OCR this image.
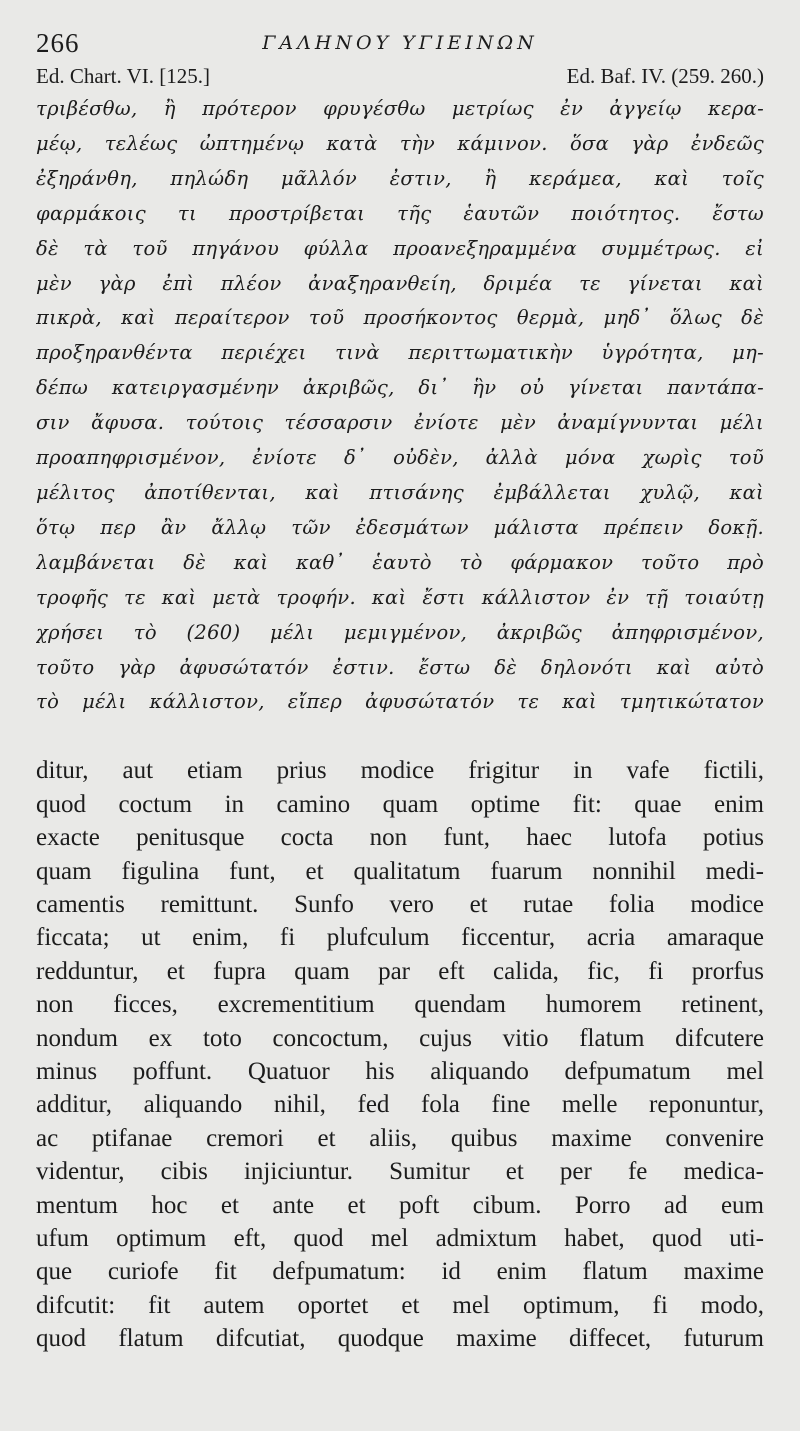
266	ΓΑΛΗΝΟΥ ΥΓΙΕΙΝΩΝ
Ed. Chart. VI. [125.]	Ed. Baf. IV. (259. 260.)
τριβέσθω, ἢ πρότερον φρυγέσθω μετρίως ἐν ἀγγείῳ κερα-
μέῳ, τελέως ὠπτημένῳ κατὰ τὴν κάμινον. ὅσα γὰρ ἐνδεῶς
ἐξηράνθη, πηλώδη μᾶλλόν ἐστιν, ἢ κεράμεα, καὶ τοῖς
φαρμάκοις τι προστρίβεται τῆς ἑαυτῶν ποιότητος. ἔστω
δὲ τὰ τοῦ πηγάνου φύλλα προανεξηραμμένα συμμέτρως. εἰ
μὲν γὰρ ἐπὶ πλέον ἀναξηρανθείη, δριμέα τε γίνεται καὶ
πικρὰ, καὶ περαίτερον τοῦ προσήκοντος θερμὰ, μηδ᾽ ὅλως δὲ
προξηρανθέντα περιέχει τινὰ περιττωματικὴν ὑγρότητα, μη-
δέπω κατειργασμένην ἀκριβῶς, δι᾽ ἣν οὐ γίνεται παντάπα-
σιν ἄφυσα. τούτοις τέσσαρσιν ἐνίοτε μὲν ἀναμίγνυνται μέλι
προαπηφρισμένον, ἐνίοτε δ᾽ οὐδὲν, ἀλλὰ μόνα χωρὶς τοῦ
μέλιτος ἀποτίθενται, καὶ πτισάνης ἐμβάλλεται χυλῷ, καὶ
ὅτῳ περ ἂν ἄλλῳ τῶν ἐδεσμάτων μάλιστα πρέπειν δοκῇ.
λαμβάνεται δὲ καὶ καθ᾽ ἑαυτὸ τὸ φάρμακον τοῦτο πρὸ
τροφῆς τε καὶ μετὰ τροφήν. καὶ ἔστι κάλλιστον ἐν τῇ τοιαύτῃ
χρήσει τὸ (260) μέλι μεμιγμένον, ἀκριβῶς ἀπηφρισμένον,
τοῦτο γὰρ ἀφυσώτατόν ἐστιν. ἔστω δὲ δηλονότι καὶ αὐτὸ
τὸ μέλι κάλλιστον, εἴπερ ἀφυσώτατόν τε καὶ τμητικώτατον
ditur, aut etiam prius modice frigitur in vafe fictili,
quod coctum in camino quam optime fit: quae enim
exacte penitusque cocta non funt, haec lutofa potius
quam figulina funt, et qualitatum fuarum nonnihil medi-
camentis remittunt. Sunfo vero et rutae folia modice
ficcata; ut enim, fi plufculum ficcentur, acria amaraque
redduntur, et fupra quam par eft calida, fic, fi prorfus
non ficces, excrementitium quendam humorem retinent,
nondum ex toto concoctum, cujus vitio flatum difcutere
minus poffunt. Quatuor his aliquando defpumatum mel
additur, aliquando nihil, fed fola fine melle reponuntur,
ac ptifanae cremori et aliis, quibus maxime convenire
videntur, cibis injiciuntur. Sumitur et per fe medica-
mentum hoc et ante et poft cibum. Porro ad eum
ufum optimum eft, quod mel admixtum habet, quod uti-
que curiofe fit defpumatum: id enim flatum maxime
difcutit: fit autem oportet et mel optimum, fi modo,
quod flatum difcutiat, quodque maxime diffecet, futurum
